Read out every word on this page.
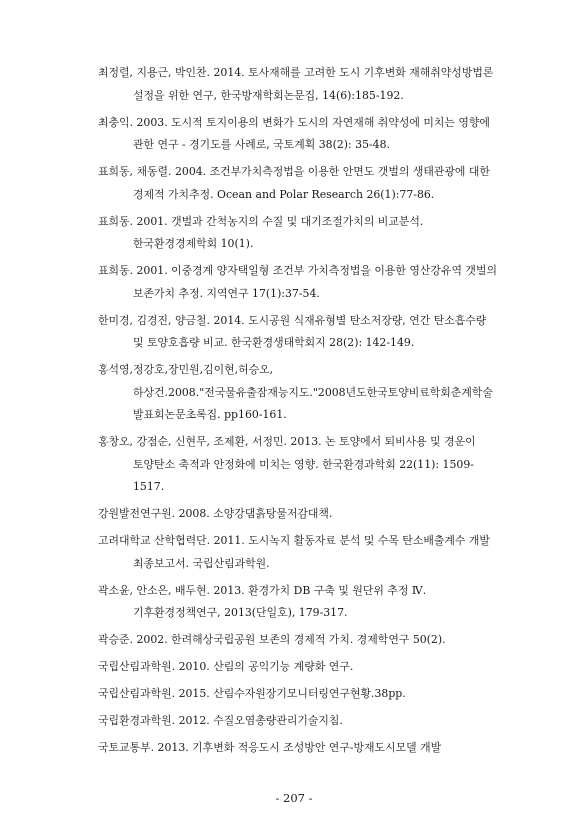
최정렬, 지용근, 박인찬. 2014. 토사재해를 고려한 도시 기후변화 재해취약성방법론 설정을 위한 연구, 한국방재학회논문집, 14(6):185-192.

최충익. 2003. 도시적 토지이용의 변화가 도시의 자연재해 취약성에 미치는 영향에 관한 연구 - 경기도를 사례로, 국토계획 38(2): 35-48.

표희동, 채동렬. 2004. 조건부가치측정법을 이용한 안면도 갯벌의 생태관광에 대한 경제적 가치추정. Ocean and Polar Research 26(1):77-86.

표희동. 2001. 갯벌과 간척농지의 수질 및 대기조절가치의 비교분석. 한국환경경제학회 10(1).

표희동. 2001. 이중경계 양자택일형 조건부 가치측정법을 이용한 영산강유역 갯벌의 보존가치 추정. 지역연구 17(1):37-54.

한미경, 김경진, 양금철. 2014. 도시공원 식재유형별 탄소저장량, 연간 탄소흡수량 및 토양호흡량 비교. 한국환경생태학회지 28(2): 142-149.

홍석영,정강호,장민원,김이현,허승오,하상건.2008."전국물유출잠재능지도."2008년도한국토양비료학회춘계학술발표회논문초록집. pp160-161.

홍창오, 강점순, 신현무, 조제환, 서정민. 2013. 논 토양에서 퇴비사용 및 경운이 토양탄소 축적과 안정화에 미치는 영향. 한국환경과학회 22(11): 1509-1517.

강원발전연구원. 2008. 소양강댐흙탕물저감대책.

고려대학교 산학협력단. 2011. 도시녹지 활동자료 분석 및 수목 탄소배출계수 개발 최종보고서. 국립산림과학원.

곽소윤, 안소은, 배두현. 2013. 환경가치 DB 구축 및 원단위 추정 Ⅳ. 기후환경정책연구, 2013(단일호), 179-317.

곽승준. 2002. 한려해상국립공원 보존의 경제적 가치. 경제학연구 50(2).

국립산림과학원. 2010. 산림의 공익기능 계량화 연구.

국립산림과학원. 2015. 산림수자원장기모니터링연구현황.38pp.

국립환경과학원. 2012. 수질오염총량관리기술지침.

국토교통부. 2013. 기후변화 적응도시 조성방안 연구-방재도시모델 개발

- 207 -
